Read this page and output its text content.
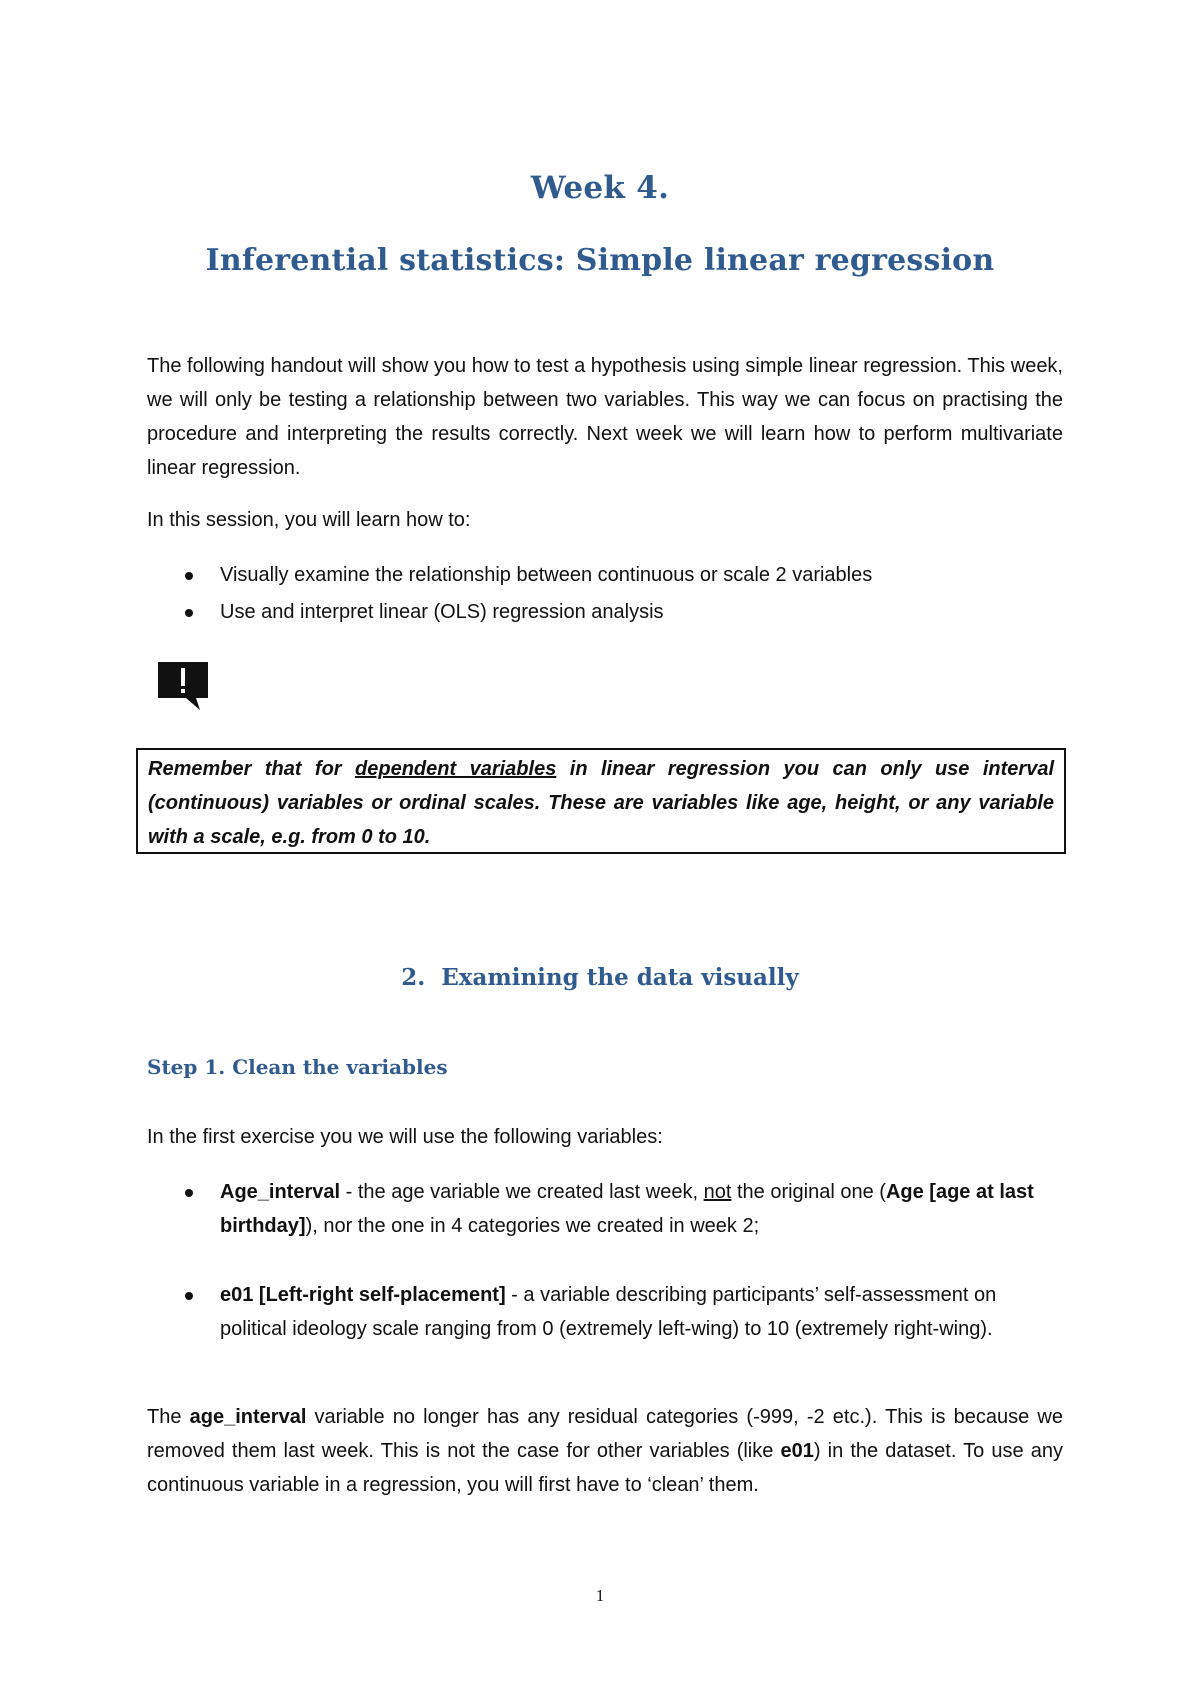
Week 4.
Inferential statistics: Simple linear regression

The following handout will show you how to test a hypothesis using simple linear regression. This week, we will only be testing a relationship between two variables. This way we can focus on practising the procedure and interpreting the results correctly. Next week we will learn how to perform multivariate linear regression.

In this session, you will learn how to:

Visually examine the relationship between continuous or scale 2 variables
Use and interpret linear (OLS) regression analysis
Remember that for dependent variables in linear regression you can only use interval (continuous) variables or ordinal scales. These are variables like age, height, or any variable with a scale, e.g. from 0 to 10.
2.  Examining the data visually
Step 1. Clean the variables

In the first exercise you we will use the following variables:

Age_interval - the age variable we created last week, not the original one (Age [age at last birthday]), nor the one in 4 categories we created in week 2;
e01 [Left-right self-placement] - a variable describing participants’ self-assessment on political ideology scale ranging from 0 (extremely left-wing) to 10 (extremely right-wing).

The age_interval variable no longer has any residual categories (-999, -2 etc.). This is because we removed them last week. This is not the case for other variables (like e01) in the dataset. To use any continuous variable in a regression, you will first have to ‘clean’ them.

1
